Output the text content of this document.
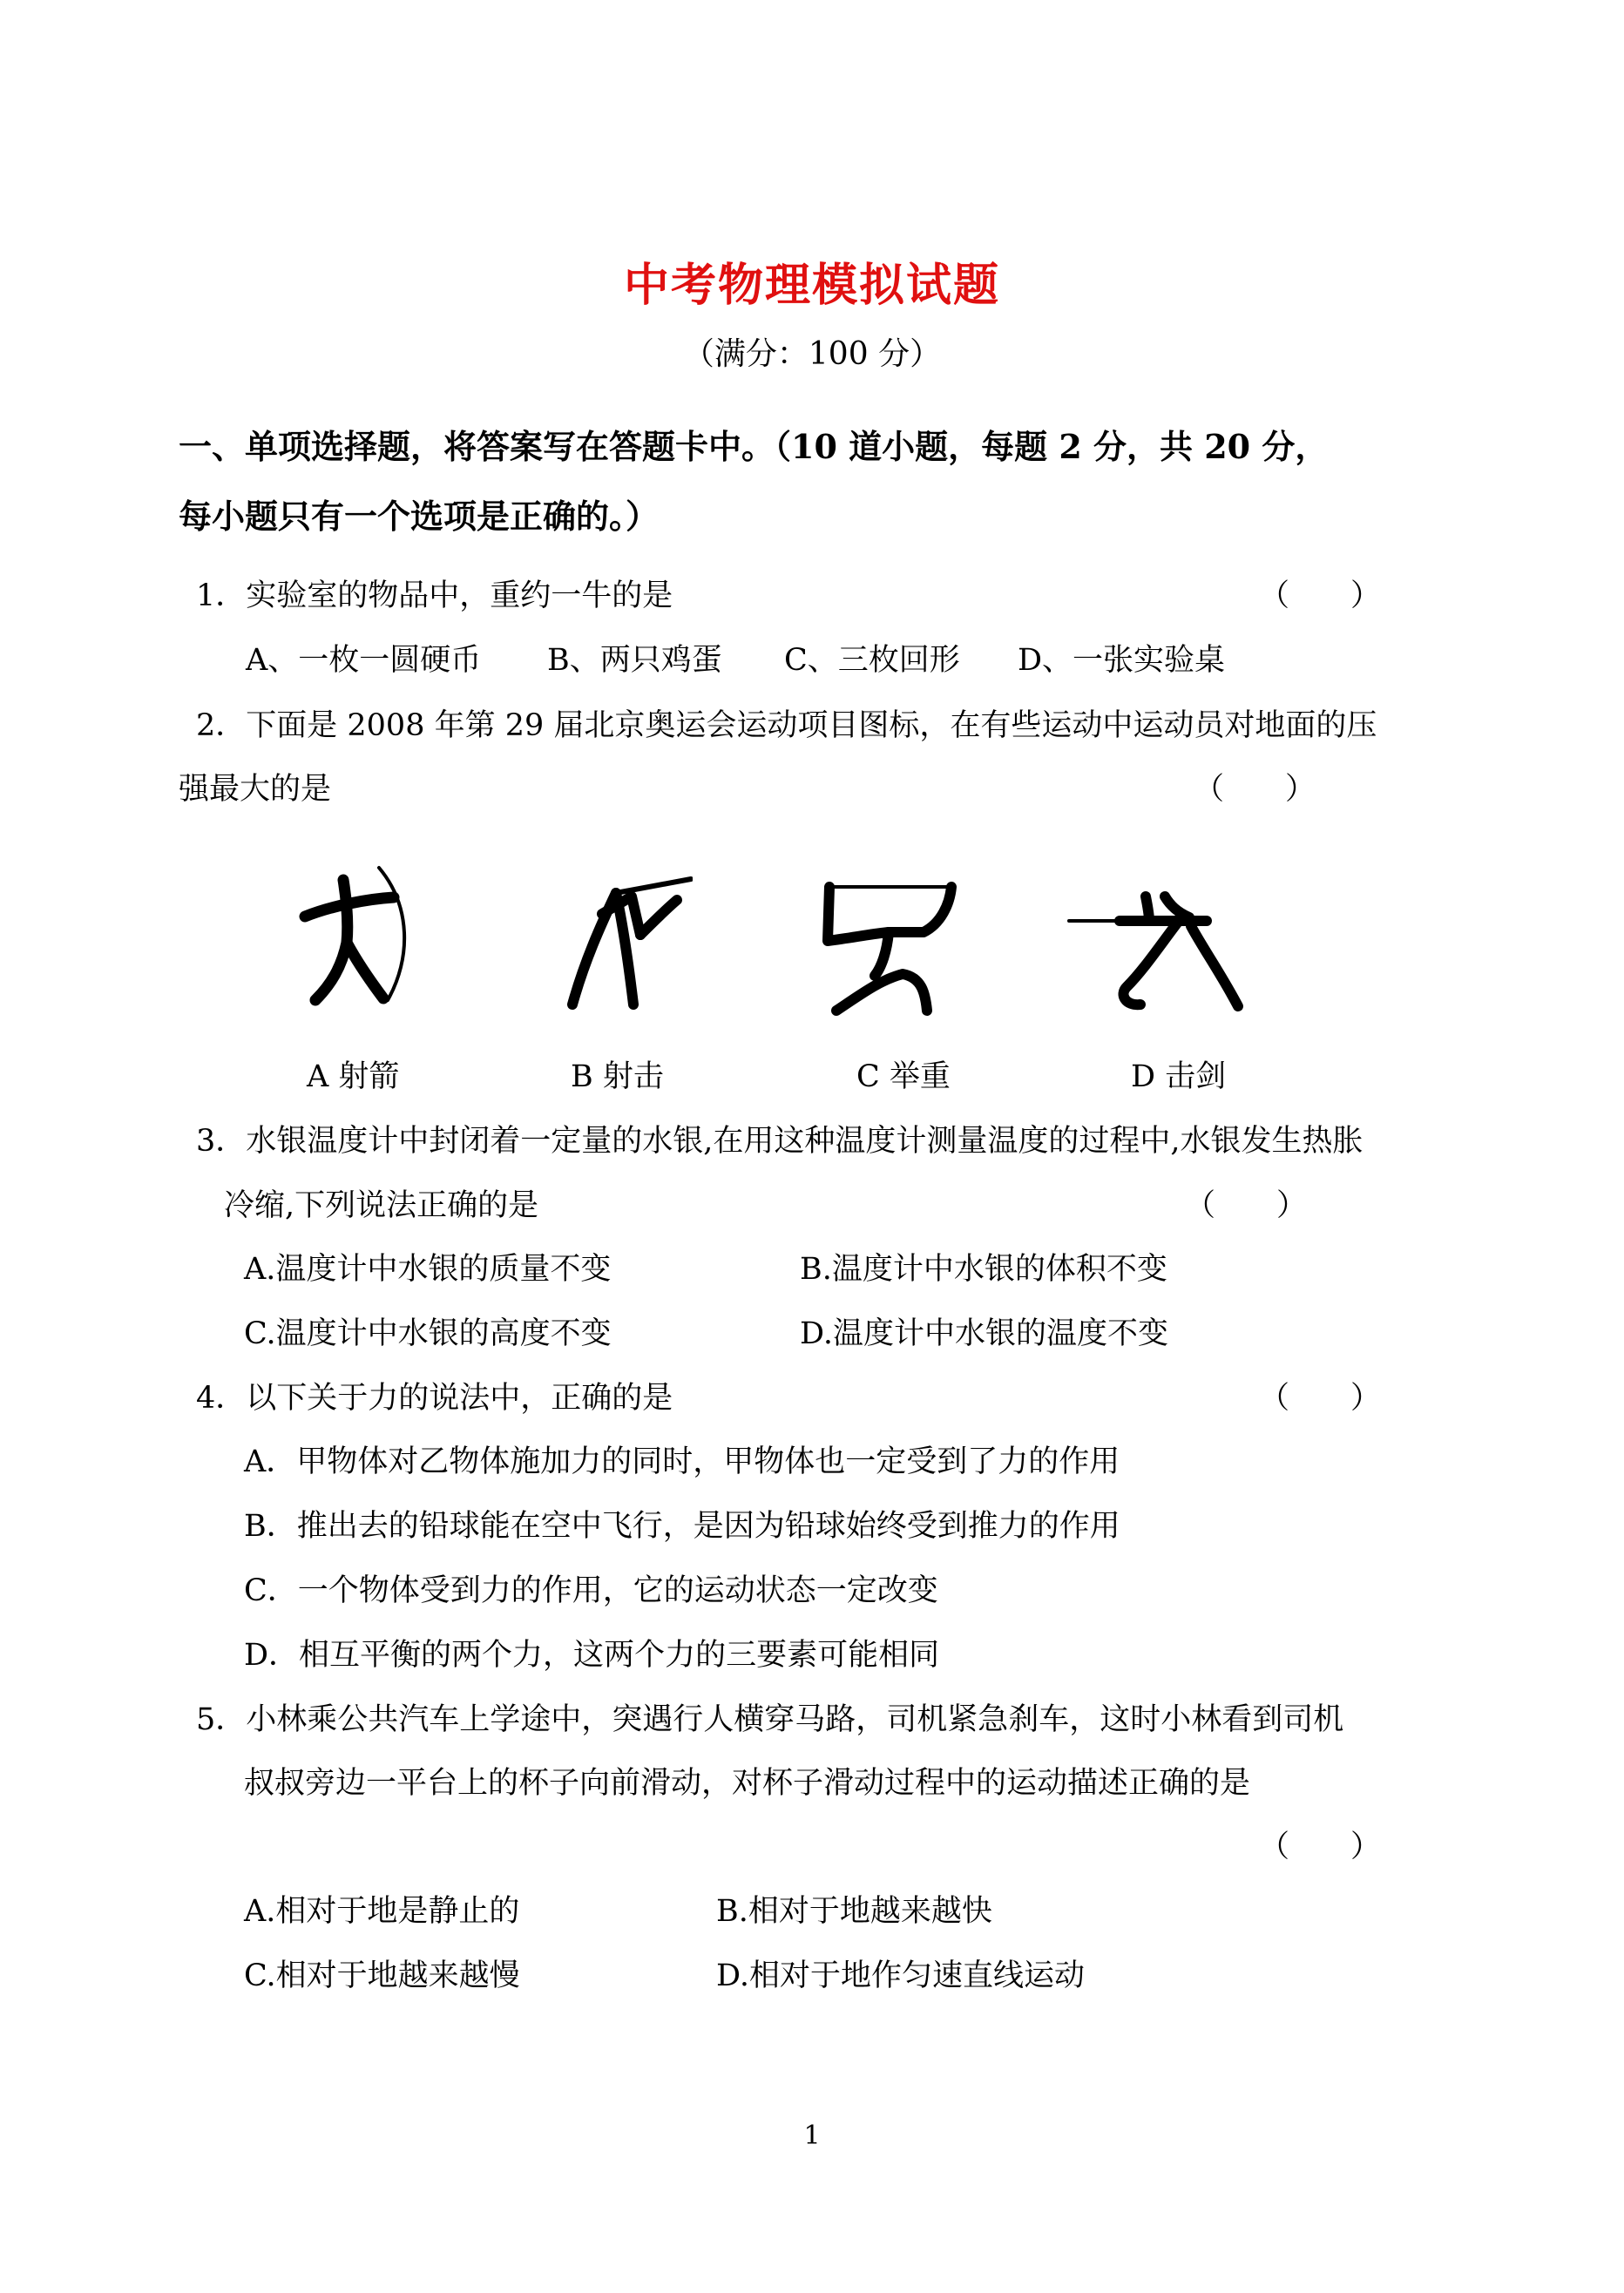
中考物理模拟试题
（满分：100 分）
一、单项选择题，将答案写在答题卡中。（10 道小题，每题 2 分，共 20 分，
每小题只有一个选项是正确的。）
1．实验室的物品中，重约一牛的是	（　　）
A、一枚一圆硬币 B、两只鸡蛋 C、三枚回形 D、一张实验桌
2．下面是 2008 年第 29 届北京奥运会运动项目图标，在有些运动中运动员对地面的压
强最大的是	（　　）
A 射箭	B 射击	C 举重	D 击剑
3．水银温度计中封闭着一定量的水银,在用这种温度计测量温度的过程中,水银发生热胀
冷缩,下列说法正确的是	（　　）
A.温度计中水银的质量不变	B.温度计中水银的体积不变
C.温度计中水银的高度不变	D.温度计中水银的温度不变
4．以下关于力的说法中，正确的是	（　　）
A．甲物体对乙物体施加力的同时，甲物体也一定受到了力的作用
B．推出去的铅球能在空中飞行，是因为铅球始终受到推力的作用
C．一个物体受到力的作用，它的运动状态一定改变
D．相互平衡的两个力，这两个力的三要素可能相同
5．小林乘公共汽车上学途中，突遇行人横穿马路，司机紧急刹车，这时小林看到司机
叔叔旁边一平台上的杯子向前滑动，对杯子滑动过程中的运动描述正确的是
（　　）
A.相对于地是静止的	B.相对于地越来越快
C.相对于地越来越慢	D.相对于地作匀速直线运动
1
